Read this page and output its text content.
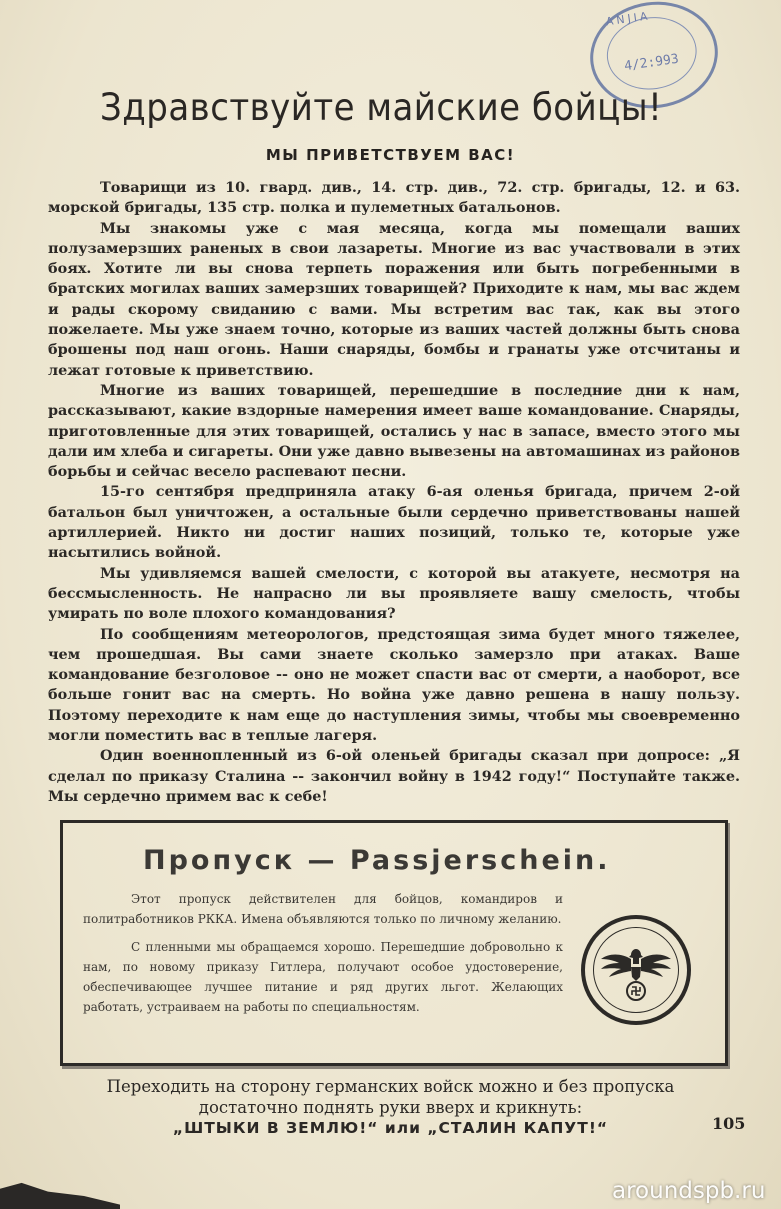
ANJIA
4/2:993
Здравствуйте майские бойцы!
МЫ ПРИВЕТСТВУЕМ ВАС!

Товарищи из 10. гвард. див., 14. стр. див., 72. стр. бригады, 12. и 63. морской бригады, 135 стр. полка и пулеметных батальонов.

Мы знакомы уже с мая месяца, когда мы помещали ваших полузамерзших раненых в свои лазареты. Многие из вас участвовали в этих боях. Хотите ли вы снова терпеть поражения или быть погребенными в братских могилах ваших замерзших товарищей? Приходите к нам, мы вас ждем и рады скорому свиданию с вами. Мы встретим вас так, как вы этого пожелаете. Мы уже знаем точно, которые из ваших частей должны быть снова брошены под наш огонь. Наши снаряды, бомбы и гранаты уже отсчитаны и лежат готовые к приветствию.

Многие из ваших товарищей, перешедшие в последние дни к нам, рассказывают, какие вздорные намерения имеет ваше командование. Снаряды, приготовленные для этих товарищей, остались у нас в запасе, вместо этого мы дали им хлеба и сигареты. Они уже давно вывезены на автомашинах из районов борьбы и сейчас весело распевают песни.

15-го сентября предприняла атаку 6-ая оленья бригада, причем 2-ой батальон был уничтожен, а остальные были сердечно приветствованы нашей артиллерией. Никто ни достиг наших позиций, только те, которые уже насытились войной.

Мы удивляемся вашей смелости, с которой вы атакуете, несмотря на бессмысленность. Не напрасно ли вы проявляете вашу смелость, чтобы умирать по воле плохого командования?

По сообщениям метеорологов, предстоящая зима будет много тяжелее, чем прошедшая. Вы сами знаете сколько замерзло при атаках. Ваше командование безголовое -- оно не может спасти вас от смерти, а наоборот, все больше гонит вас на смерть. Но война уже давно решена в нашу пользу. Поэтому переходите к нам еще до наступления зимы, чтобы мы своевременно могли поместить вас в теплые лагеря.

Один военнопленный из 6-ой оленьей бригады сказал при допросе: „Я сделал по приказу Сталина -- закончил войну в 1942 году!“ Поступайте также. Мы сердечно примем вас к себе!

Пропуск — Passjerschein.

Этот пропуск действителен для бойцов, командиров и политработников РККА. Имена объявляются только по личному желанию.

С пленными мы обращаемся хорошо. Перешедшие добровольно к нам, по новому приказу Гитлера, получают особое удостоверение, обеспечивающее лучшее питание и ряд других льгот. Желающих работать, устраиваем на работы по специальностям.

Переходить на сторону германских войск можно и без пропуска
достаточно поднять руки вверх и крикнуть:
„ШТЫКИ В ЗЕМЛЮ!“ или „СТАЛИН КАПУТ!“	105
aroundspb.ru
